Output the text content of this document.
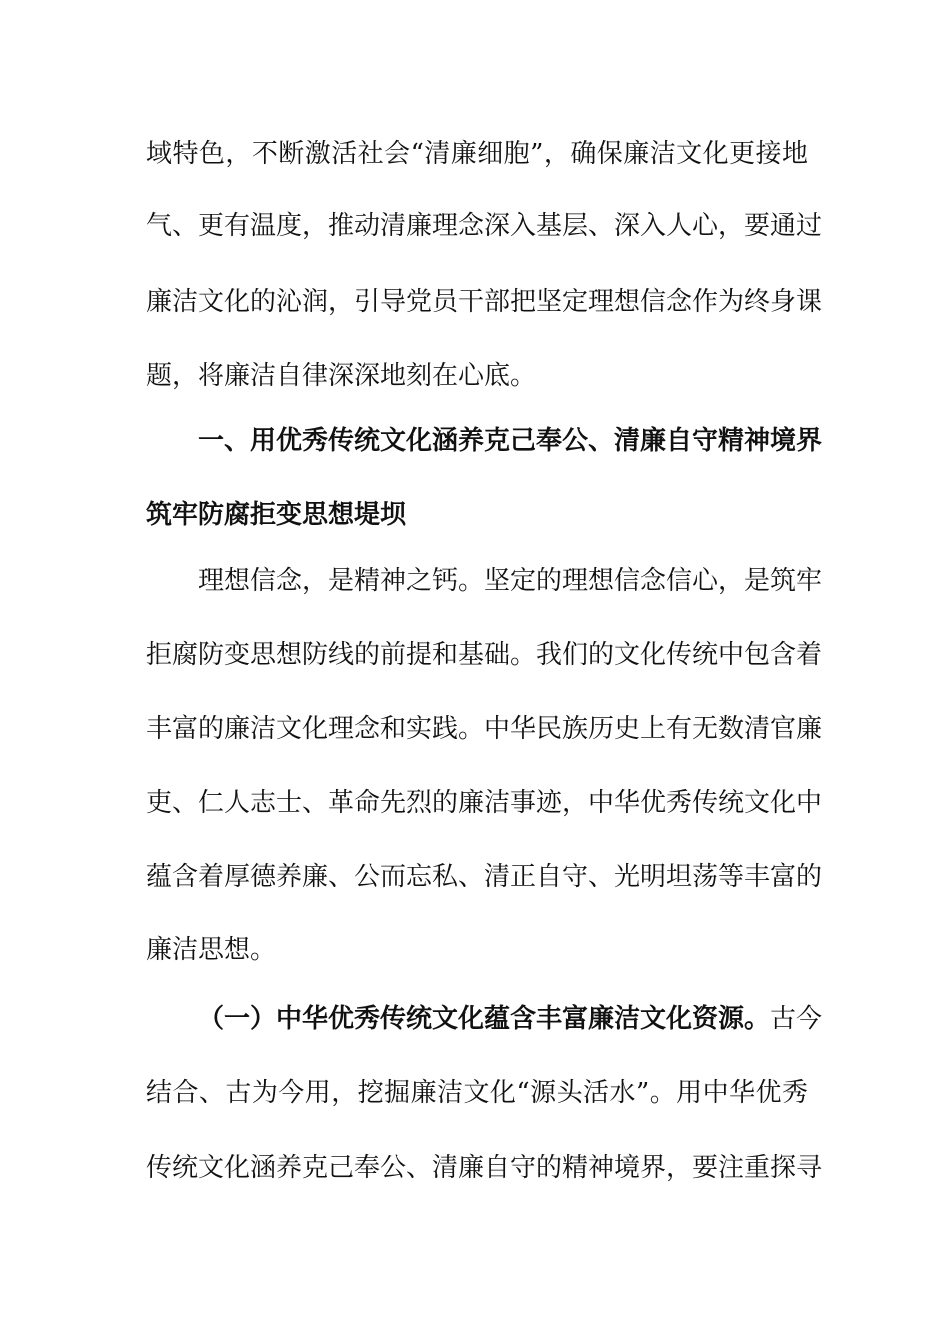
域特色，不断激活社会“清廉细胞”，确保廉洁文化更接地
气、更有温度，推动清廉理念深入基层、深入人心，要通过
廉洁文化的沁润，引导党员干部把坚定理想信念作为终身课
题，将廉洁自律深深地刻在心底。
一、用优秀传统文化涵养克己奉公、清廉自守精神境界
筑牢防腐拒变思想堤坝
理想信念，是精神之钙。坚定的理想信念信心，是筑牢
拒腐防变思想防线的前提和基础。我们的文化传统中包含着
丰富的廉洁文化理念和实践。中华民族历史上有无数清官廉
吏、仁人志士、革命先烈的廉洁事迹，中华优秀传统文化中
蕴含着厚德养廉、公而忘私、清正自守、光明坦荡等丰富的
廉洁思想。
（一）中华优秀传统文化蕴含丰富廉洁文化资源。古今
结合、古为今用，挖掘廉洁文化“源头活水”。用中华优秀
传统文化涵养克己奉公、清廉自守的精神境界，要注重探寻
